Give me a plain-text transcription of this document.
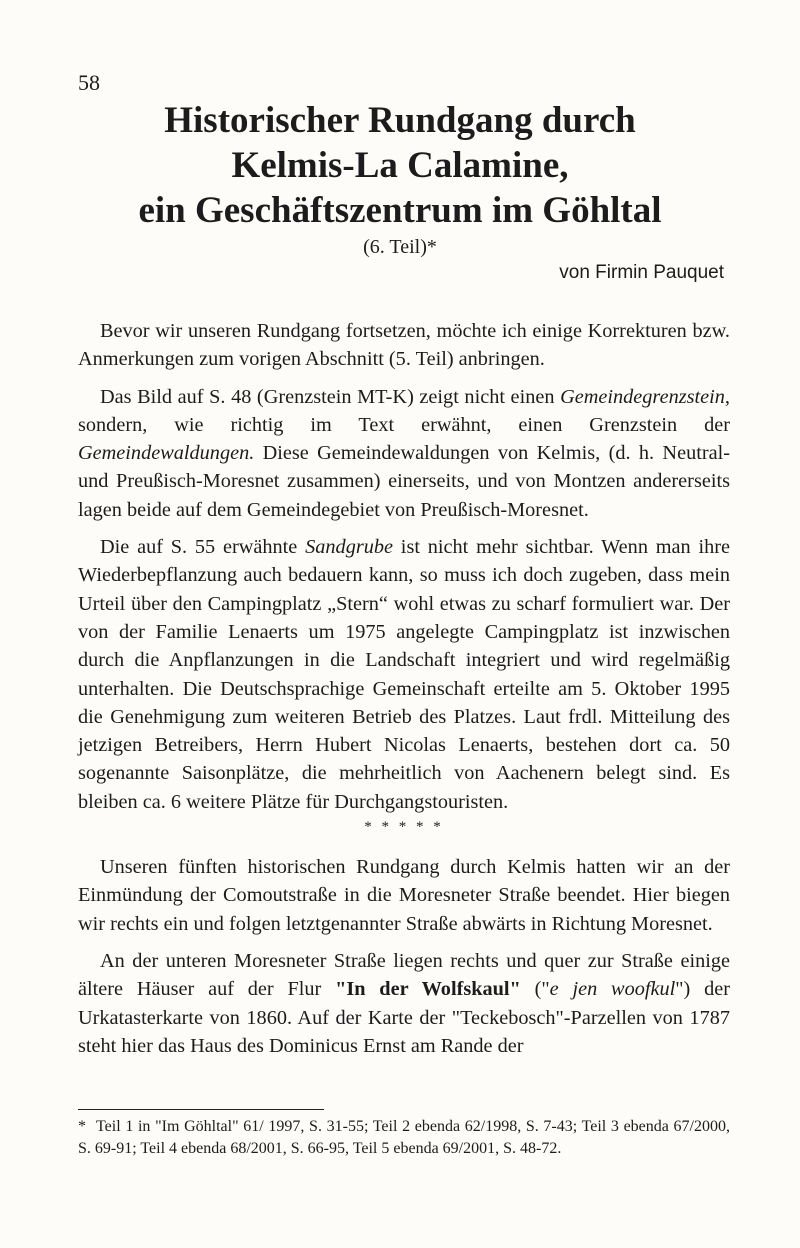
58
Historischer Rundgang durch
Kelmis-La Calamine,
ein Geschäftszentrum im Göhltal
(6. Teil)*
von Firmin Pauquet

Bevor wir unseren Rundgang fortsetzen, möchte ich einige Korrekturen bzw. Anmerkungen zum vorigen Abschnitt (5. Teil) anbringen.

Das Bild auf S. 48 (Grenzstein MT-K) zeigt nicht einen Gemeindegrenzstein, sondern, wie richtig im Text erwähnt, einen Grenzstein der Gemeindewaldungen. Diese Gemeindewaldungen von Kelmis, (d. h. Neutral- und Preußisch-Moresnet zusammen) einerseits, und von Montzen andererseits lagen beide auf dem Gemeindegebiet von Preußisch-Moresnet.

Die auf S. 55 erwähnte Sandgrube ist nicht mehr sichtbar. Wenn man ihre Wiederbepflanzung auch bedauern kann, so muss ich doch zugeben, dass mein Urteil über den Campingplatz „Stern“ wohl etwas zu scharf formuliert war. Der von der Familie Lenaerts um 1975 angelegte Campingplatz ist inzwischen durch die Anpflanzungen in die Landschaft integriert und wird regelmäßig unterhalten. Die Deutschsprachige Gemeinschaft erteilte am 5. Oktober 1995 die Genehmigung zum weiteren Betrieb des Platzes. Laut frdl. Mitteilung des jetzigen Betreibers, Herrn Hubert Nicolas Lenaerts, bestehen dort ca. 50 sogenannte Saisonplätze, die mehrheitlich von Aachenern belegt sind. Es bleiben ca. 6 weitere Plätze für Durchgangstouristen.

* * * * *

Unseren fünften historischen Rundgang durch Kelmis hatten wir an der Einmündung der Comoutstraße in die Moresneter Straße beendet. Hier biegen wir rechts ein und folgen letztgenannter Straße abwärts in Richtung Moresnet.

An der unteren Moresneter Straße liegen rechts und quer zur Straße einige ältere Häuser auf der Flur "In der Wolfskaul" ("e jen woofkul") der Urkatasterkarte von 1860. Auf der Karte der "Teckebosch"-Parzellen von 1787 steht hier das Haus des Dominicus Ernst am Rande der

* Teil 1 in "Im Göhltal" 61/ 1997, S. 31-55; Teil 2 ebenda 62/1998, S. 7-43; Teil 3 ebenda 67/2000, S. 69-91; Teil 4 ebenda 68/2001, S. 66-95, Teil 5 ebenda 69/2001, S. 48-72.
